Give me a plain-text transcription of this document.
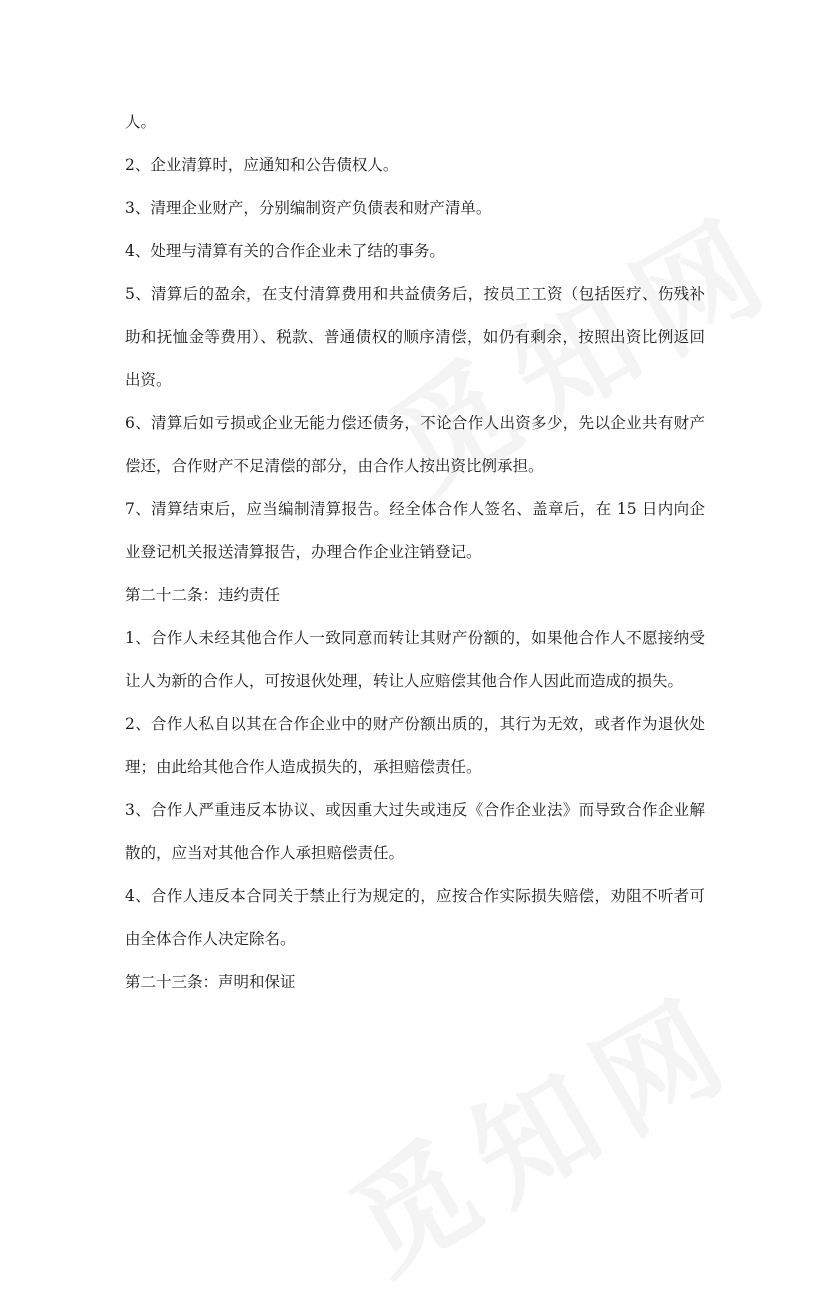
人。

2、企业清算时，应通知和公告债权人。

3、清理企业财产，分别编制资产负债表和财产清单。

4、处理与清算有关的合作企业未了结的事务。

5、清算后的盈余，在支付清算费用和共益债务后，按员工工资（包括医疗、伤残补助和抚恤金等费用）、税款、普通债权的顺序清偿，如仍有剩余，按照出资比例返回出资。

6、清算后如亏损或企业无能力偿还债务，不论合作人出资多少，先以企业共有财产偿还，合作财产不足清偿的部分，由合作人按出资比例承担。

7、清算结束后，应当编制清算报告。经全体合作人签名、盖章后，在 15 日内向企业登记机关报送清算报告，办理合作企业注销登记。

第二十二条：违约责任

1、合作人未经其他合作人一致同意而转让其财产份额的，如果他合作人不愿接纳受让人为新的合作人，可按退伙处理，转让人应赔偿其他合作人因此而造成的损失。

2、合作人私自以其在合作企业中的财产份额出质的，其行为无效，或者作为退伙处理；由此给其他合作人造成损失的，承担赔偿责任。

3、合作人严重违反本协议、或因重大过失或违反《合作企业法》而导致合作企业解散的，应当对其他合作人承担赔偿责任。

4、合作人违反本合同关于禁止行为规定的，应按合作实际损失赔偿，劝阻不听者可由全体合作人决定除名。

第二十三条：声明和保证
